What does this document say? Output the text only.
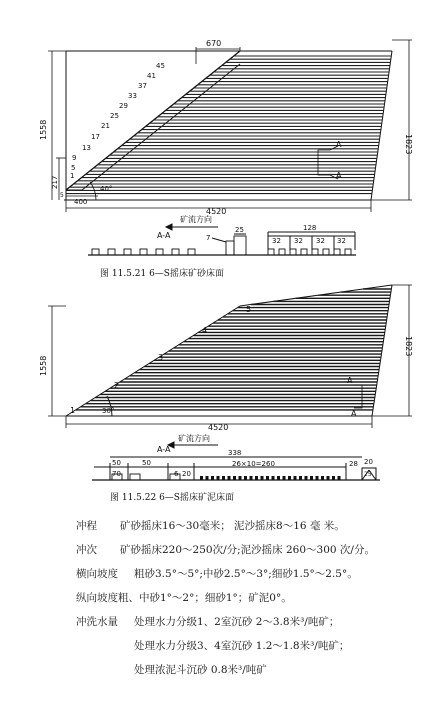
670
1558
217
5
1823
4520
400
40°
A
A
矿流方向
A-A
128
7
25
32 32 32 32
1
5
9
13
17
21
25
29
33
37
41
45
图 11.5.21 6—S摇床矿砂床面
1558
1823
4520
30°
A
A
矿流方向
A-A	338
50	50
70	6 20
26×10=260	28 20
25
1
2
3
4
5
图 11.5.22 6—S摇床矿泥床面
冲程 矿砂摇床16～30毫米； 泥沙摇床8～16 毫 米。
冲次 矿砂摇床220～250次/分;泥沙摇床 260～300 次/分。
横向坡度 粗砂3.5°～5°;中砂2.5°～3°;细砂1.5°～2.5°。
纵向坡度粗、中砂1°～2°；细砂1°；矿泥0°。
冲洗水量 处理水力分级1、2室沉砂 2～3.8米³/吨矿；
处理水力分级3、4室沉砂 1.2～1.8米³/吨矿；
处理浓泥斗沉砂 0.8米³/吨矿
